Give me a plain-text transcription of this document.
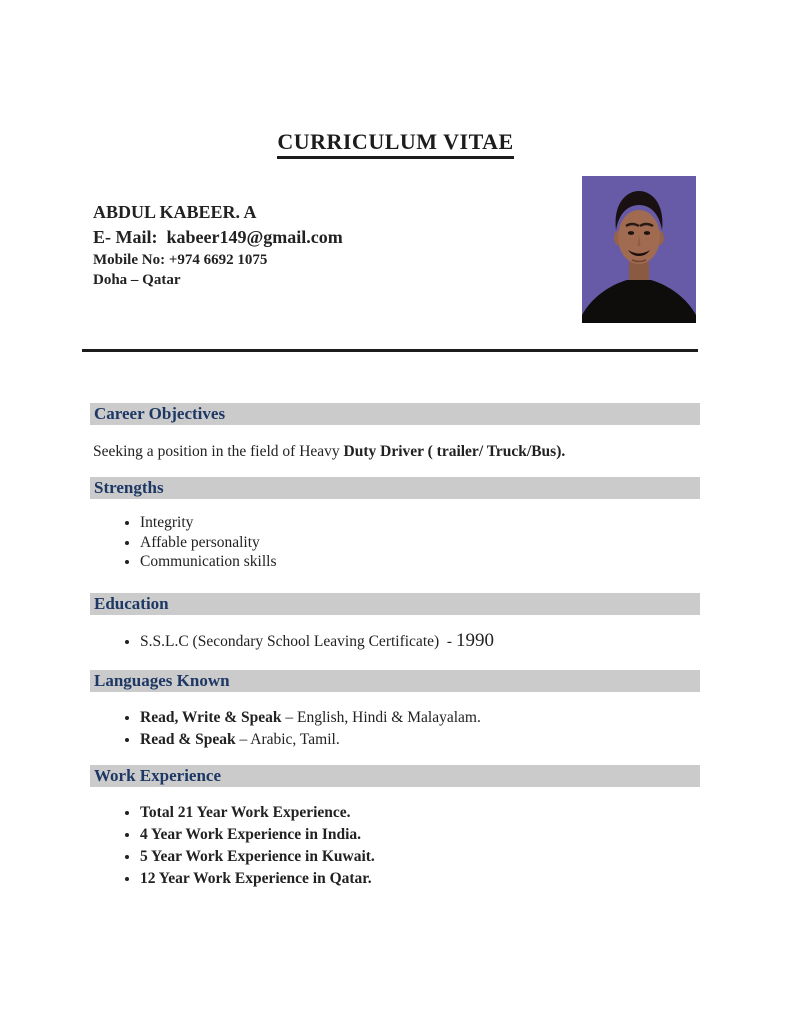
CURRICULUM VITAE
ABDUL KABEER. A
E- Mail:  kabeer149@gmail.com
Mobile No: +974 6692 1075
Doha – Qatar
Career Objectives

Seeking a position in the field of Heavy Duty Driver ( trailer/ Truck/Bus).

Strengths
• Integrity
• Affable personality
• Communication skills
Education
• S.S.L.C (Secondary School Leaving Certificate)  - 1990
Languages Known
• Read, Write & Speak – English, Hindi & Malayalam.
• Read & Speak – Arabic, Tamil.
Work Experience
• Total 21 Year Work Experience.
• 4 Year Work Experience in India.
• 5 Year Work Experience in Kuwait.
• 12 Year Work Experience in Qatar.
